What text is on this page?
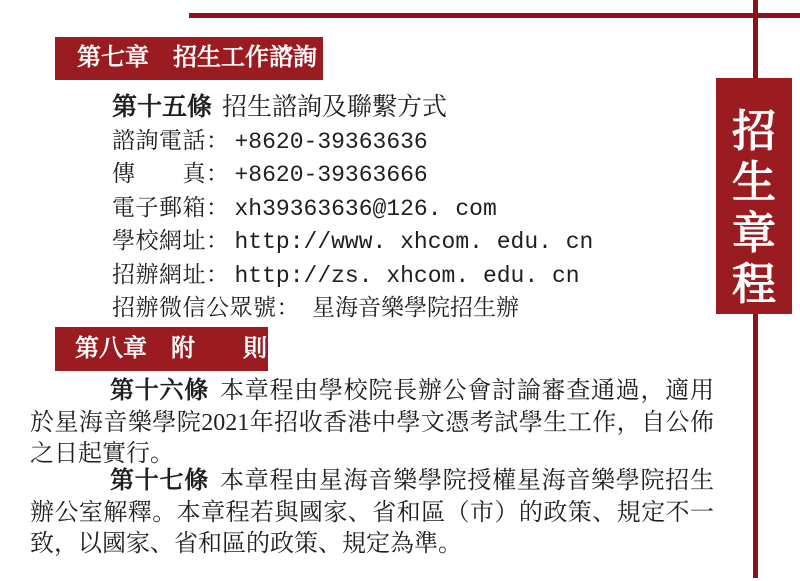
招
生
章
程
第七章　招生工作諮詢
第十五條 招生諮詢及聯繫方式
諮詢電話： +8620-39363636
傳　　真： +8620-39363666
電子郵箱： xh39363636@126. com
學校網址： http://www. xhcom. edu. cn
招辦網址： http://zs. xhcom. edu. cn
招辦微信公眾號： 星海音樂學院招生辦
第八章　附　　則

第十六條 本章程由學校院長辦公會討論審查通過，適用於星海音樂學院2021年招收香港中學文憑考試學生工作，自公佈之日起實行。

第十七條 本章程由星海音樂學院授權星海音樂學院招生辦公室解釋。本章程若與國家、省和區（市）的政策、規定不一致，以國家、省和區的政策、規定為準。
